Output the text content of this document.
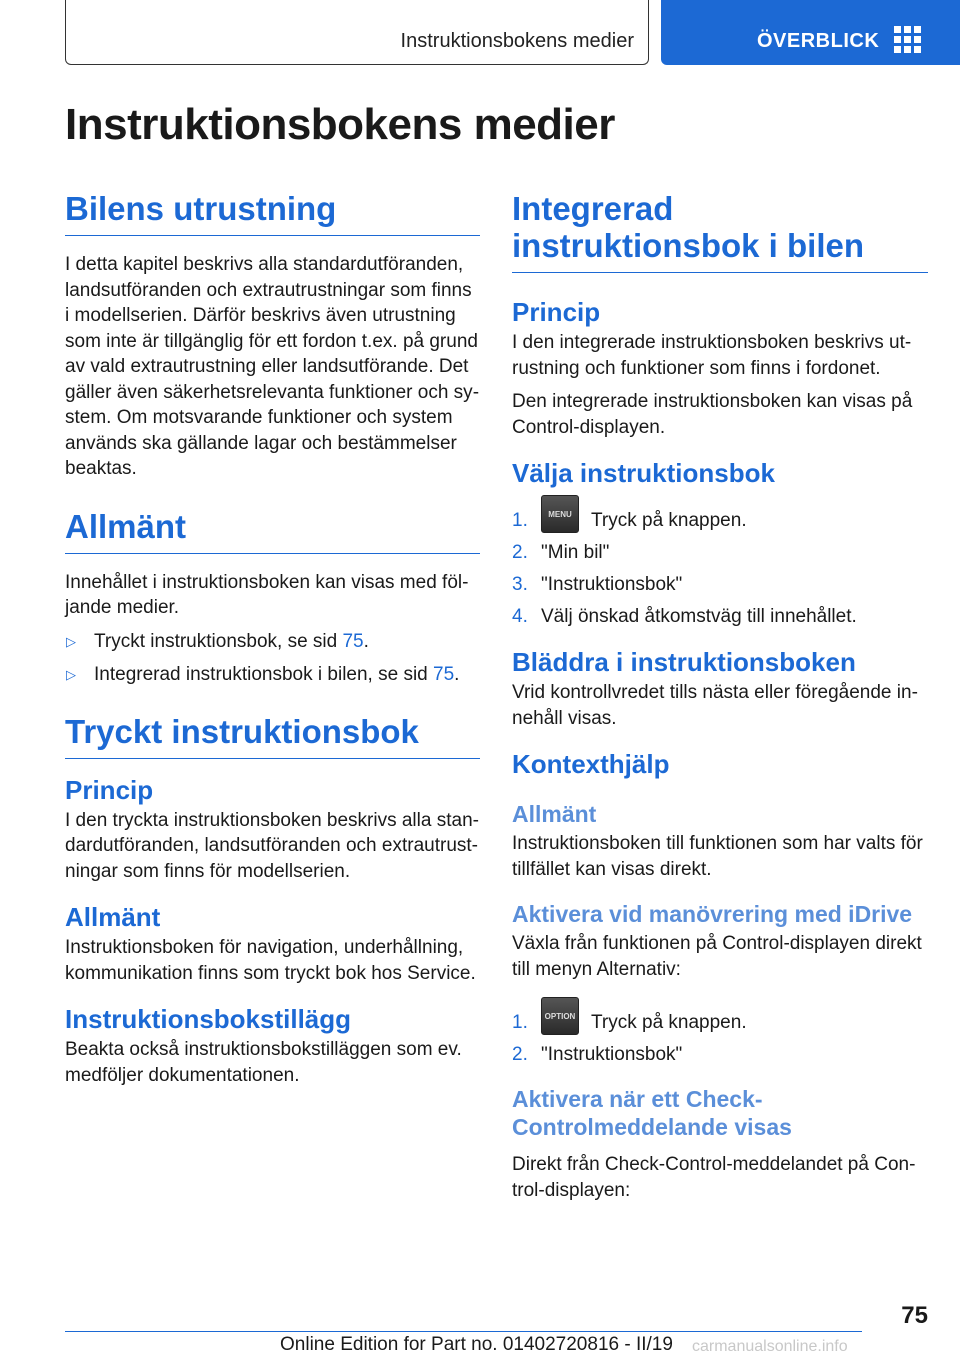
Instruktionsbokens medier	ÖVERBLICK
Instruktionsbokens medier
Bilens utrustning

I detta kapitel beskrivs alla standardutföranden, landsutföranden och extrautrustningar som finns i modellserien. Därför beskrivs även utrustning som inte är tillgänglig för ett fordon t.ex. på grund av vald extrautrustning eller landsutförande. Det gäller även säkerhetsrelevanta funktioner och system. Om motsvarande funktioner och system används ska gällande lagar och bestämmelser beaktas.

Allmänt

Innehållet i instruktionsboken kan visas med följande medier.

▷ Tryckt instruktionsbok, se sid 75.
▷ Integrerad instruktionsbok i bilen, se sid 75.
Tryckt instruktionsbok
Princip

I den tryckta instruktionsboken beskrivs alla standardutföranden, landsutföranden och extrautrustningar som finns för modellserien.

Allmänt

Instruktionsboken för navigation, underhållning, kommunikation finns som tryckt bok hos Service.

Instruktionsbokstillägg

Beakta också instruktionsbokstilläggen som ev. medföljer dokumentationen.

Integrerad instruktionsbok i bilen
Princip

I den integrerade instruktionsboken beskrivs utrustning och funktioner som finns i fordonet.

Den integrerade instruktionsboken kan visas på Control-displayen.

Välja instruktionsbok
1.	MENU	Tryck på knappen.
2. "Min bil"
3. "Instruktionsbok"
4. Välj önskad åtkomstväg till innehållet.
Bläddra i instruktionsboken

Vrid kontrollvredet tills nästa eller föregående innehåll visas.

Kontexthjälp
Allmänt

Instruktionsboken till funktionen som har valts för tillfället kan visas direkt.

Aktivera vid manövrering med iDrive

Växla från funktionen på Control-displayen direkt till menyn Alternativ:

1.	OPTION Tryck på knappen.
2. "Instruktionsbok"
Aktivera när ett Check-Controlmeddelande visas

Direkt från Check-Control-meddelandet på Control-displayen:

75
Online Edition for Part no. 01402720816 - II/19 carmanualsonline.info
